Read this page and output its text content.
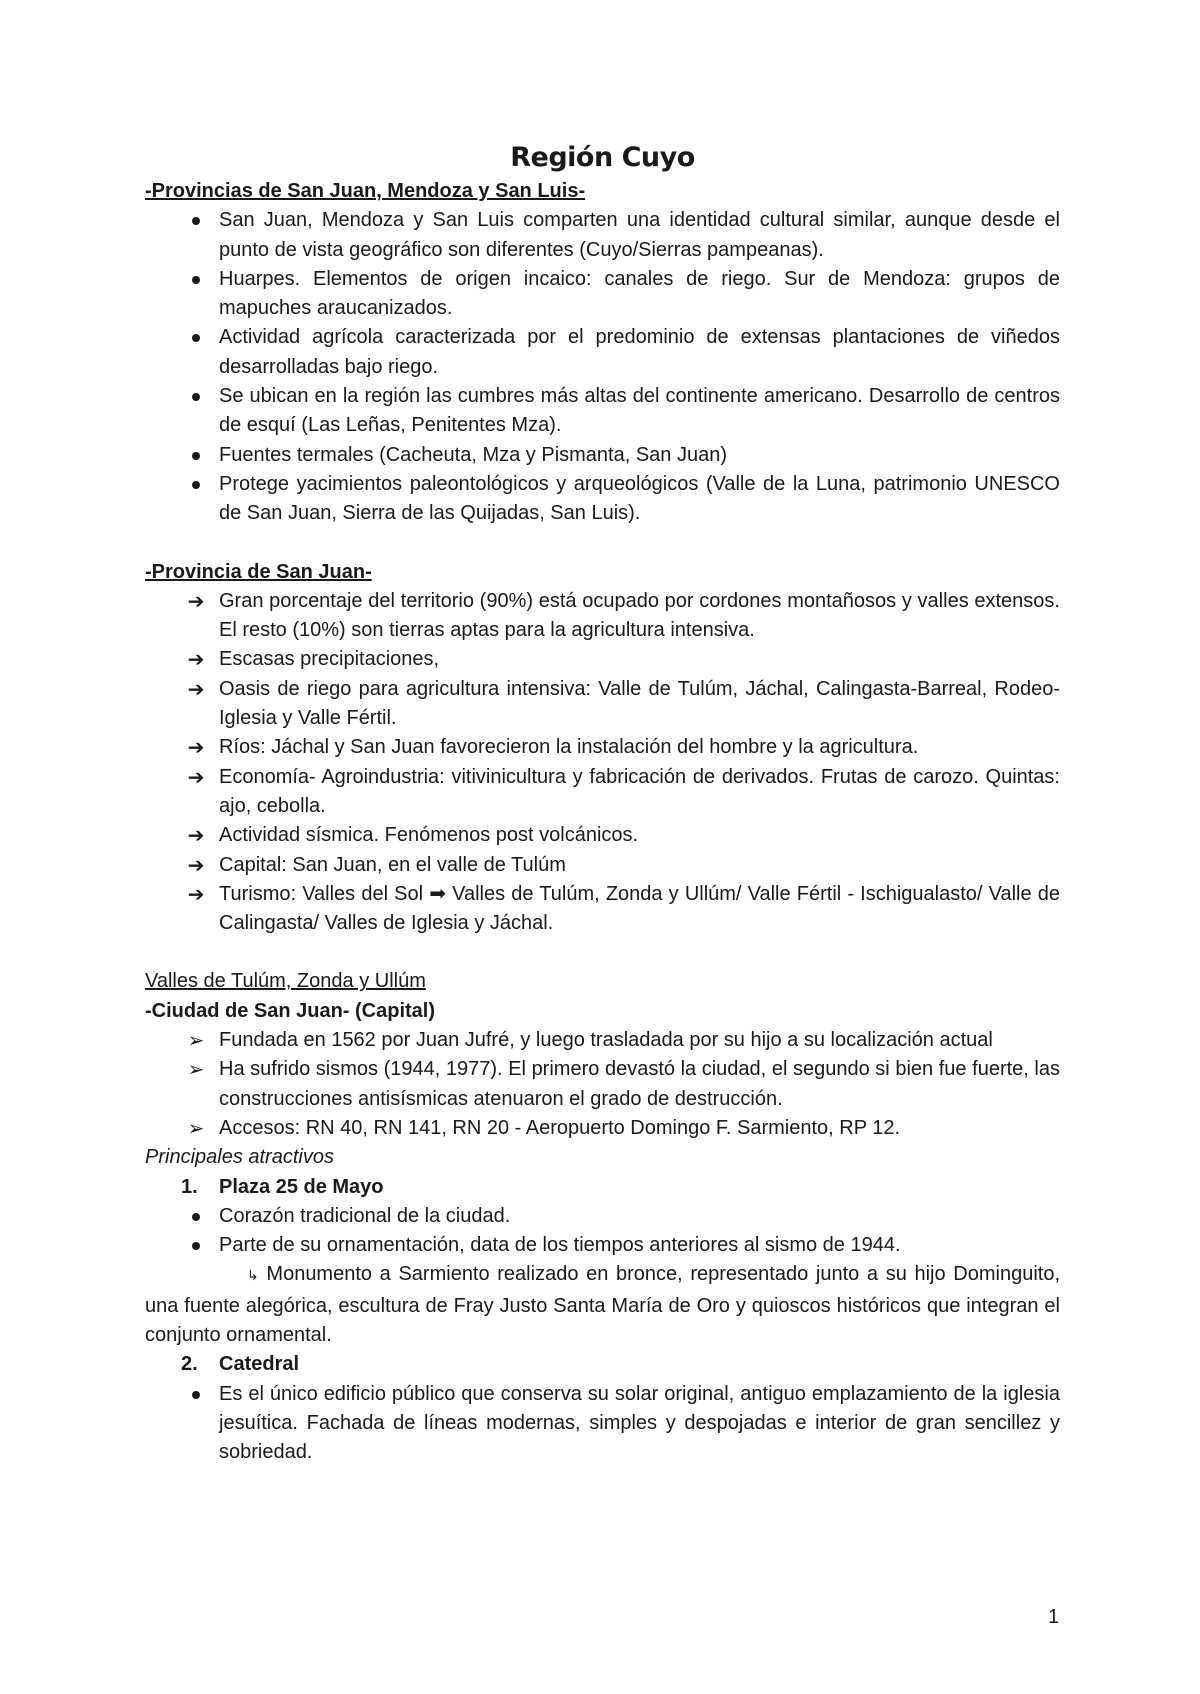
Región Cuyo
-Provincias de San Juan, Mendoza y San Luis-
San Juan, Mendoza y San Luis comparten una identidad cultural similar, aunque desde el punto de vista geográfico son diferentes (Cuyo/Sierras pampeanas).
Huarpes. Elementos de origen incaico: canales de riego. Sur de Mendoza: grupos de mapuches araucanizados.
Actividad agrícola caracterizada por el predominio de extensas plantaciones de viñedos desarrolladas bajo riego.
Se ubican en la región las cumbres más altas del continente americano. Desarrollo de centros de esquí (Las Leñas, Penitentes Mza).
Fuentes termales (Cacheuta, Mza y Pismanta, San Juan)
Protege yacimientos paleontológicos y arqueológicos (Valle de la Luna, patrimonio UNESCO de San Juan, Sierra de las Quijadas, San Luis).
-Provincia de San Juan-
➔ Gran porcentaje del territorio (90%) está ocupado por cordones montañosos y valles extensos. El resto (10%) son tierras aptas para la agricultura intensiva.
➔ Escasas precipitaciones,
➔ Oasis de riego para agricultura intensiva: Valle de Tulúm, Jáchal, Calingasta-Barreal, Rodeo-Iglesia y Valle Fértil.
➔ Ríos: Jáchal y San Juan favorecieron la instalación del hombre y la agricultura.
➔ Economía- Agroindustria: vitivinicultura y fabricación de derivados. Frutas de carozo. Quintas: ajo, cebolla.
➔ Actividad sísmica. Fenómenos post volcánicos.
➔ Capital: San Juan, en el valle de Tulúm
➔ Turismo: Valles del Sol ➡ Valles de Tulúm, Zonda y Ullúm/ Valle Fértil - Ischigualasto/ Valle de Calingasta/ Valles de Iglesia y Jáchal.
Valles de Tulúm, Zonda y Ullúm
-Ciudad de San Juan- (Capital)
➢ Fundada en 1562 por Juan Jufré, y luego trasladada por su hijo a su localización actual
➢ Ha sufrido sismos (1944, 1977). El primero devastó la ciudad, el segundo si bien fue fuerte, las construcciones antisísmicas atenuaron el grado de destrucción.
➢ Accesos: RN 40, RN 141, RN 20 - Aeropuerto Domingo F. Sarmiento, RP 12.
Principales atractivos
1.	Plaza 25 de Mayo
Corazón tradicional de la ciudad.
Parte de su ornamentación, data de los tiempos anteriores al sismo de 1944.
↳ Monumento a Sarmiento realizado en bronce, representado junto a su hijo Dominguito, una fuente alegórica, escultura de Fray Justo Santa María de Oro y quioscos históricos que integran el conjunto ornamental.
2.	Catedral
Es el único edificio público que conserva su solar original, antiguo emplazamiento de la iglesia jesuítica. Fachada de líneas modernas, simples y despojadas e interior de gran sencillez y sobriedad.
1
